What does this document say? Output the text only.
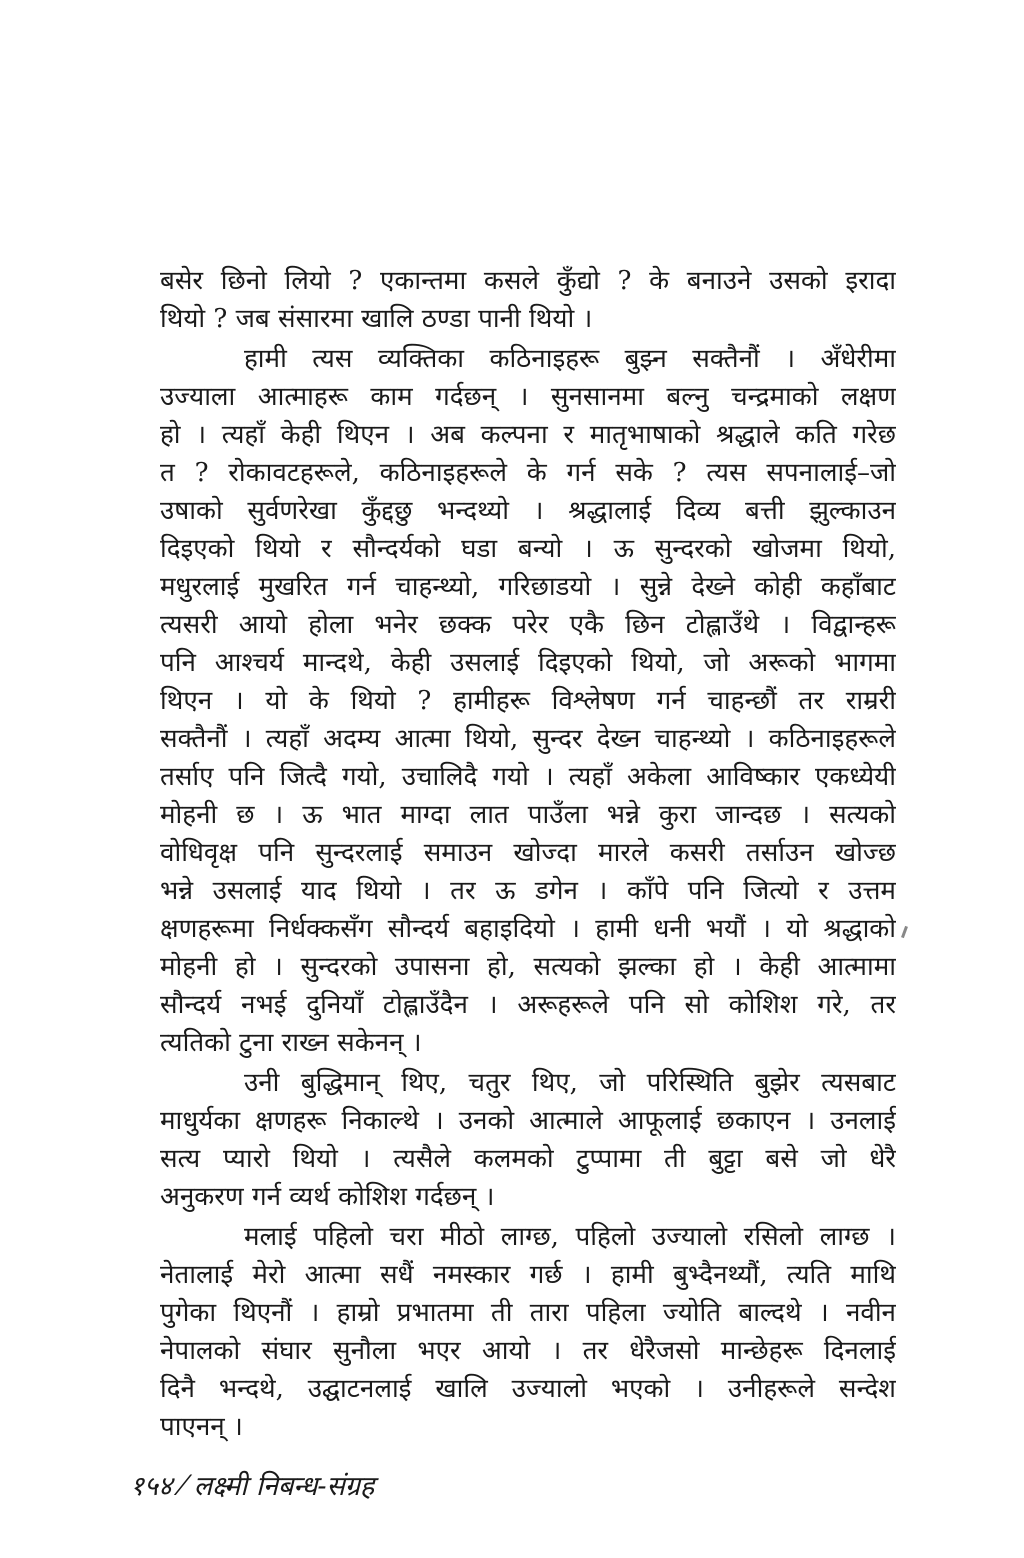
बसेर छिनो लियो ? एकान्तमा कसले कुँद्यो ? के बनाउने उसको इरादा
थियो ? जब संसारमा खालि ठण्डा पानी थियो ।
हामी त्यस व्यक्तिका कठिनाइहरू बुझ्न सक्तैनौं । अँधेरीमा
उज्याला आत्माहरू काम गर्दछन् । सुनसानमा बल्नु चन्द्रमाको लक्षण
हो । त्यहाँ केही थिएन । अब कल्पना र मातृभाषाको श्रद्धाले कति गरेछ
त ? रोकावटहरूले, कठिनाइहरूले के गर्न सके ? त्यस सपनालाई–जो
उषाको सुर्वणरेखा कुँद्दछु भन्दथ्यो । श्रद्धालाई दिव्य बत्ती झुल्काउन
दिइएको थियो र सौन्दर्यको घडा बन्यो । ऊ सुन्दरको खोजमा थियो,
मधुरलाई मुखरित गर्न चाहन्थ्यो, गरिछाडयो । सुन्ने देख्ने कोही कहाँबाट
त्यसरी आयो होला भनेर छक्क परेर एकै छिन टोह्लाउँथे । विद्वान्हरू
पनि आश्चर्य मान्दथे, केही उसलाई दिइएको थियो, जो अरूको भागमा
थिएन । यो के थियो ? हामीहरू विश्लेषण गर्न चाहन्छौं तर राम्ररी
सक्तैनौं । त्यहाँ अदम्य आत्मा थियो, सुन्दर देख्न चाहन्थ्यो । कठिनाइहरूले
तर्साए पनि जित्दै गयो, उचालिदै गयो । त्यहाँ अकेला आविष्कार एकध्येयी
मोहनी छ । ऊ भात माग्दा लात पाउँला भन्ने कुरा जान्दछ । सत्यको
वोधिवृक्ष पनि सुन्दरलाई समाउन खोज्दा मारले कसरी तर्साउन खोज्छ
भन्ने उसलाई याद थियो । तर ऊ डगेन । काँपे पनि जित्यो र उत्तम
क्षणहरूमा निर्धक्कसँग सौन्दर्य बहाइदियो । हामी धनी भयौं । यो श्रद्धाको
मोहनी हो । सुन्दरको उपासना हो, सत्यको झल्का हो । केही आत्मामा
सौन्दर्य नभई दुनियाँ टोह्लाउँदैन । अरूहरूले पनि सो कोशिश गरे, तर
त्यतिको टुना राख्न सकेनन् ।
उनी बुद्धिमान् थिए, चतुर थिए, जो परिस्थिति बुझेर त्यसबाट
माधुर्यका क्षणहरू निकाल्थे । उनको आत्माले आफूलाई छकाएन । उनलाई
सत्य प्यारो थियो । त्यसैले कलमको टुप्पामा ती बुट्टा बसे जो धेरै
अनुकरण गर्न व्यर्थ कोशिश गर्दछन् ।
मलाई पहिलो चरा मीठो लाग्छ, पहिलो उज्यालो रसिलो लाग्छ ।
नेतालाई मेरो आत्मा सधैं नमस्कार गर्छ । हामी बुभ्दैनथ्यौं, त्यति माथि
पुगेका थिएनौं । हाम्रो प्रभातमा ती तारा पहिला ज्योति बाल्दथे । नवीन
नेपालको संघार सुनौला भएर आयो । तर धेरैजसो मान्छेहरू दिनलाई
दिनै भन्दथे, उद्घाटनलाई खालि उज्यालो भएको । उनीहरूले सन्देश
पाएनन् ।
१५४ ⁄ लक्ष्मी निबन्ध-संग्रह
